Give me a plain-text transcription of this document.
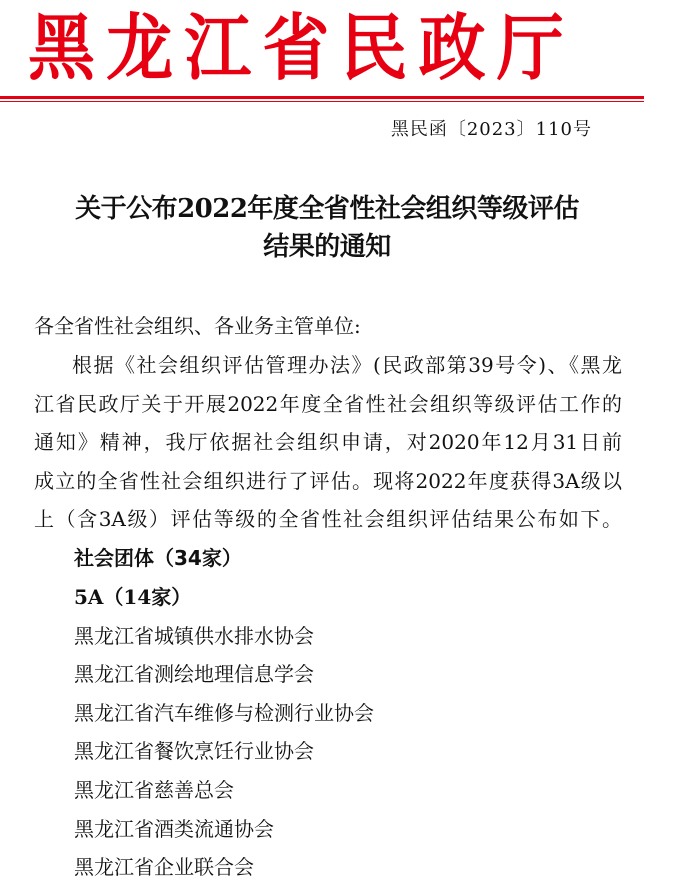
黑龙江省民政厅
黑民函〔2023〕110号
关于公布2022年度全省性社会组织等级评估
结果的通知
各全省性社会组织、各业务主管单位:
根据《社会组织评估管理办法》(民政部第39号令)、《黑龙
江省民政厅关于开展2022年度全省性社会组织等级评估工作的
通知》精神，我厅依据社会组织申请，对2020年12月31日前
成立的全省性社会组织进行了评估。现将2022年度获得3A级以
上（含3A级）评估等级的全省性社会组织评估结果公布如下。
社会团体（34家）
5A（14家）
黑龙江省城镇供水排水协会
黑龙江省测绘地理信息学会
黑龙江省汽车维修与检测行业协会
黑龙江省餐饮烹饪行业协会
黑龙江省慈善总会
黑龙江省酒类流通协会
黑龙江省企业联合会
